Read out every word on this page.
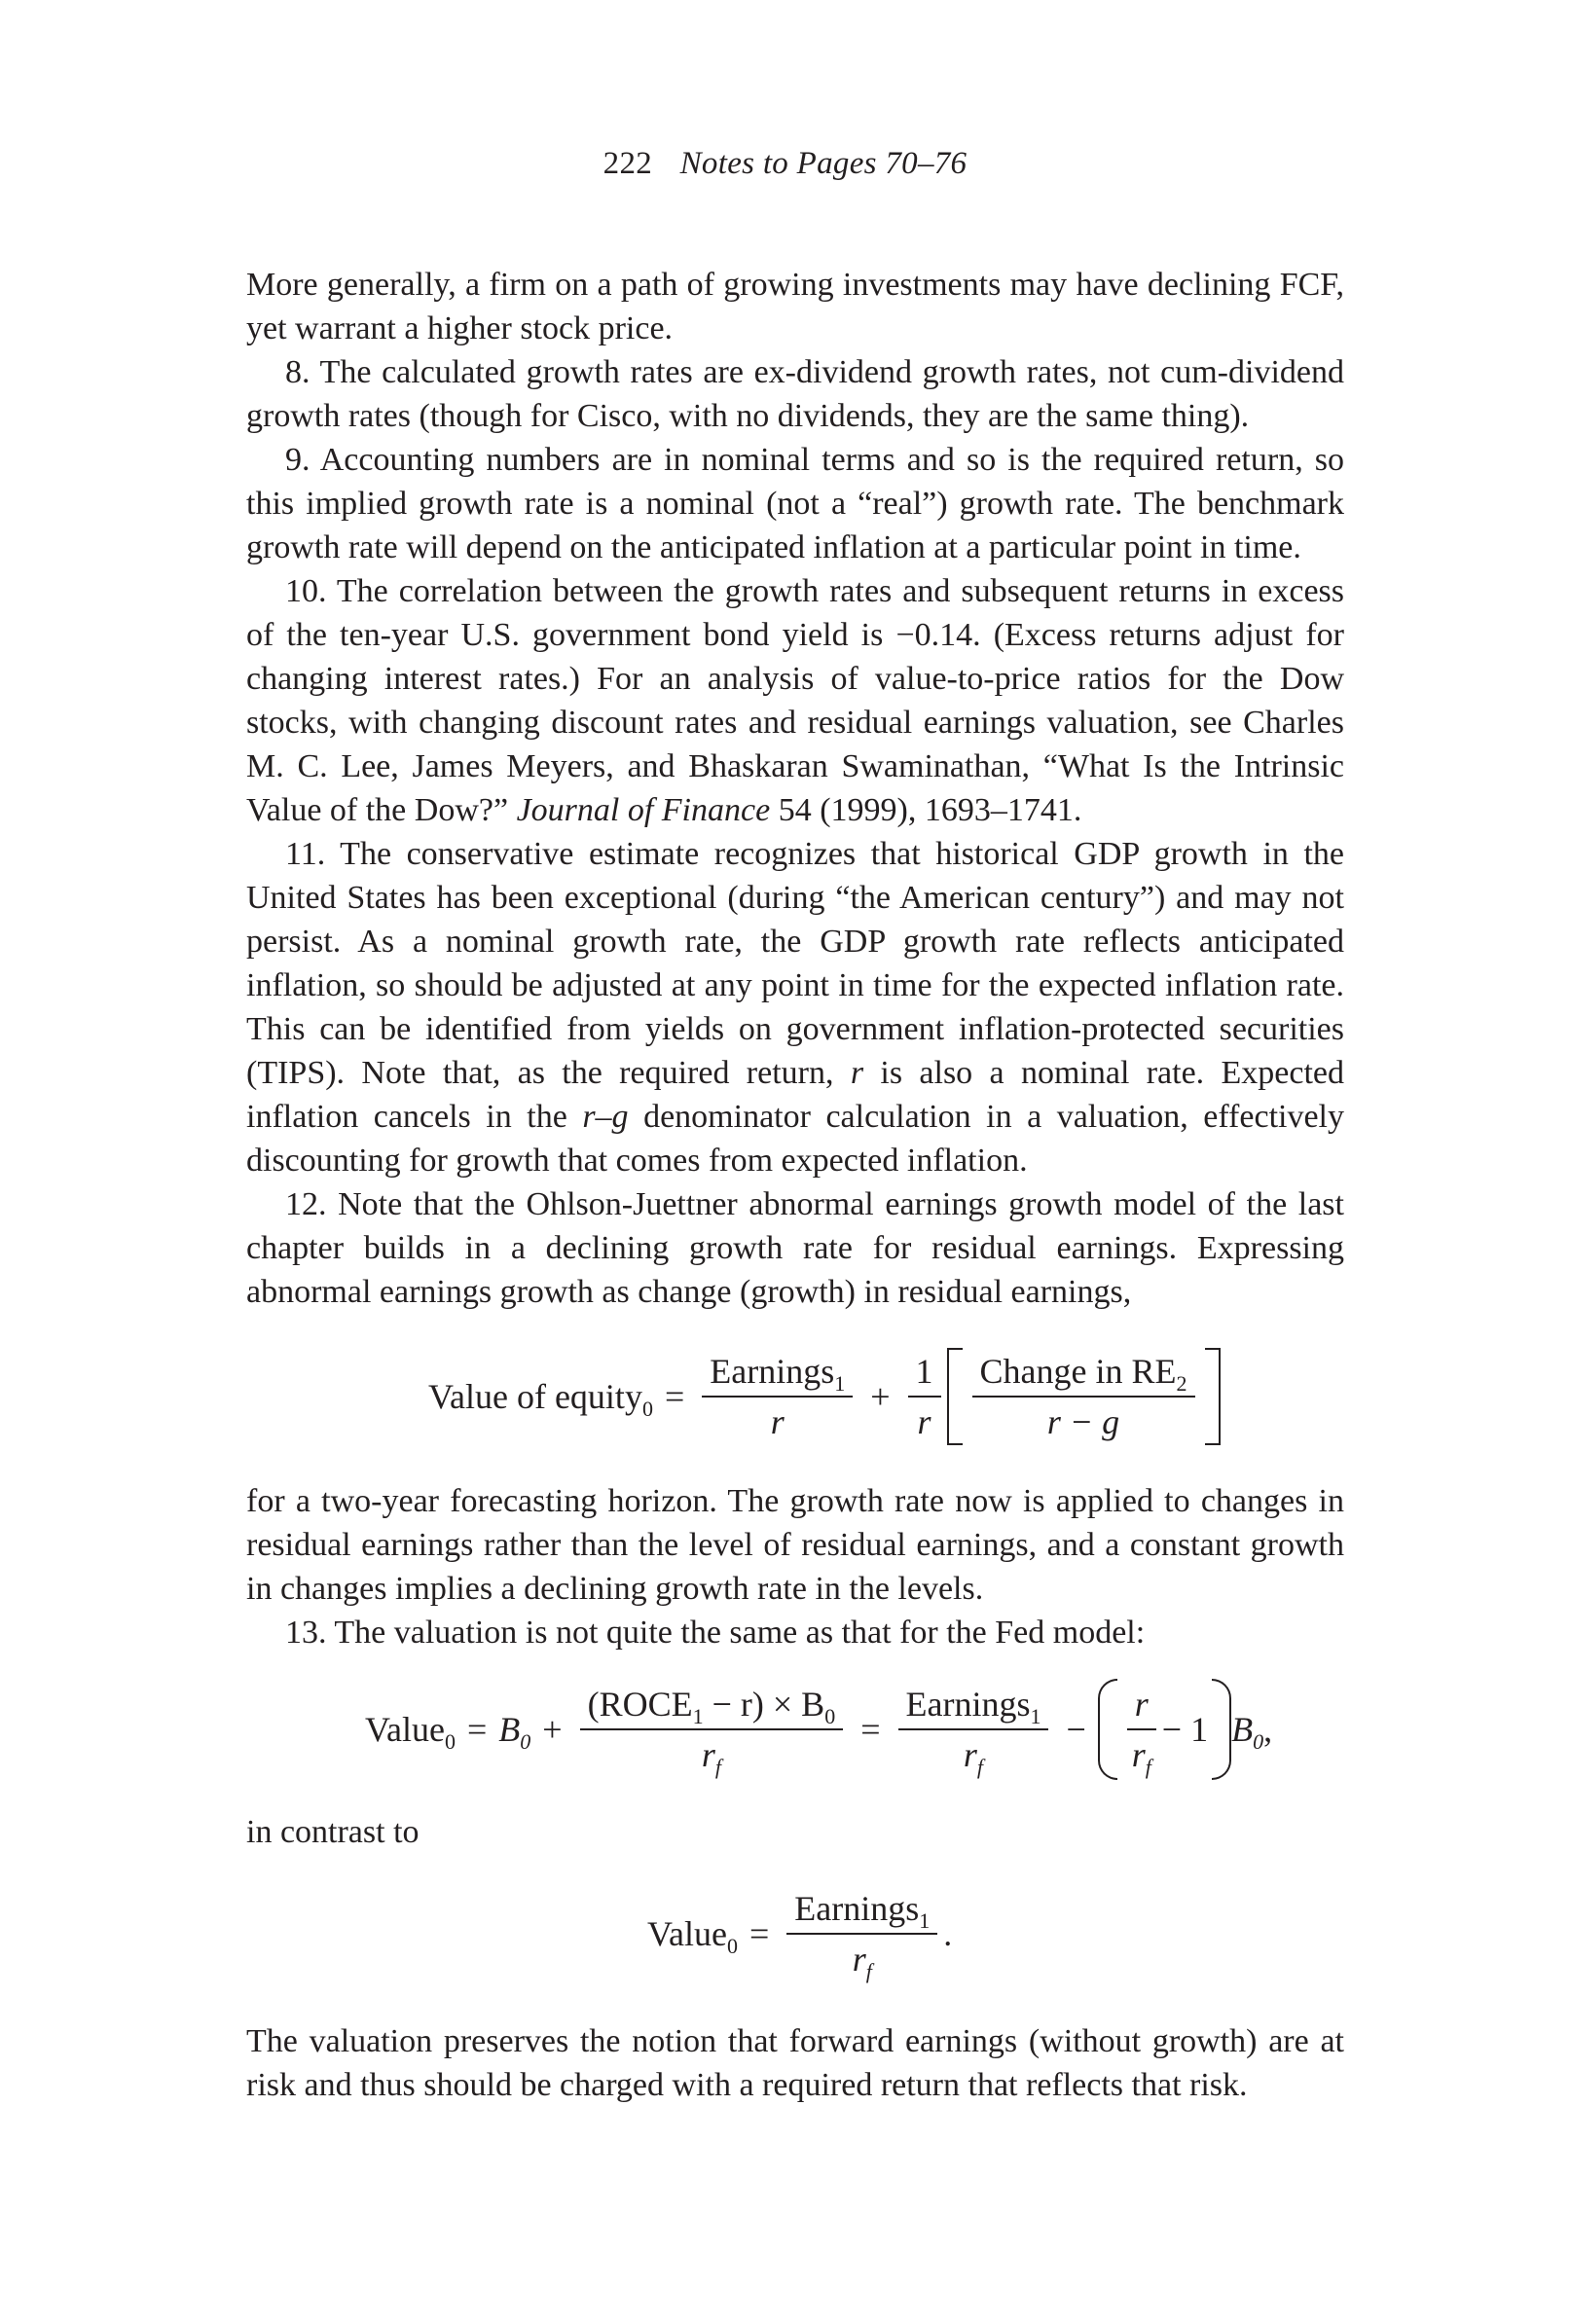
222 Notes to Pages 70–76

More generally, a firm on a path of growing investments may have declining FCF, yet warrant a higher stock price.

8. The calculated growth rates are ex-dividend growth rates, not cum-dividend growth rates (though for Cisco, with no dividends, they are the same thing).

9. Accounting numbers are in nominal terms and so is the required return, so this implied growth rate is a nominal (not a “real”) growth rate. The benchmark growth rate will depend on the anticipated inflation at a particular point in time.

10. The correlation between the growth rates and subsequent returns in excess of the ten-year U.S. government bond yield is −0.14. (Excess returns adjust for changing interest rates.) For an analysis of value-to-price ratios for the Dow stocks, with changing discount rates and residual earnings valuation, see Charles M. C. Lee, James Meyers, and Bhaskaran Swaminathan, “What Is the Intrinsic Value of the Dow?” Journal of Finance 54 (1999), 1693–1741.

11. The conservative estimate recognizes that historical GDP growth in the United States has been exceptional (during “the American century”) and may not persist. As a nominal growth rate, the GDP growth rate reflects anticipated inflation, so should be adjusted at any point in time for the expected inflation rate. This can be identified from yields on government inflation-protected securities (TIPS). Note that, as the required return, r is also a nominal rate. Expected inflation cancels in the r–g denominator calculation in a valuation, effectively discounting for growth that comes from expected inflation.

12. Note that the Ohlson-Juettner abnormal earnings growth model of the last chapter builds in a declining growth rate for residual earnings. Expressing abnormal earnings growth as change (growth) in residual earnings,

Value of equity$_0$ = $\frac{Earnings_1}{r} + \frac{1}{r} \frac{Change in RE_2}{r - g}$

for a two-year forecasting horizon. The growth rate now is applied to changes in residual earnings rather than the level of residual earnings, and a constant growth in changes implies a declining growth rate in the levels.

13. The valuation is not quite the same as that for the Fed model:

Value$_0$ = $B_0 + \frac{(ROCE_1 - r) \times B_0}{r_f} = \frac{Earnings_1}{r_f} - \frac{r}{r_f} - 1$ $B_0$ ,

in contrast to

Value$_0$ = $\frac{Earnings_1}{r_f}$ .

The valuation preserves the notion that forward earnings (without growth) are at risk and thus should be charged with a required return that reflects that risk.
